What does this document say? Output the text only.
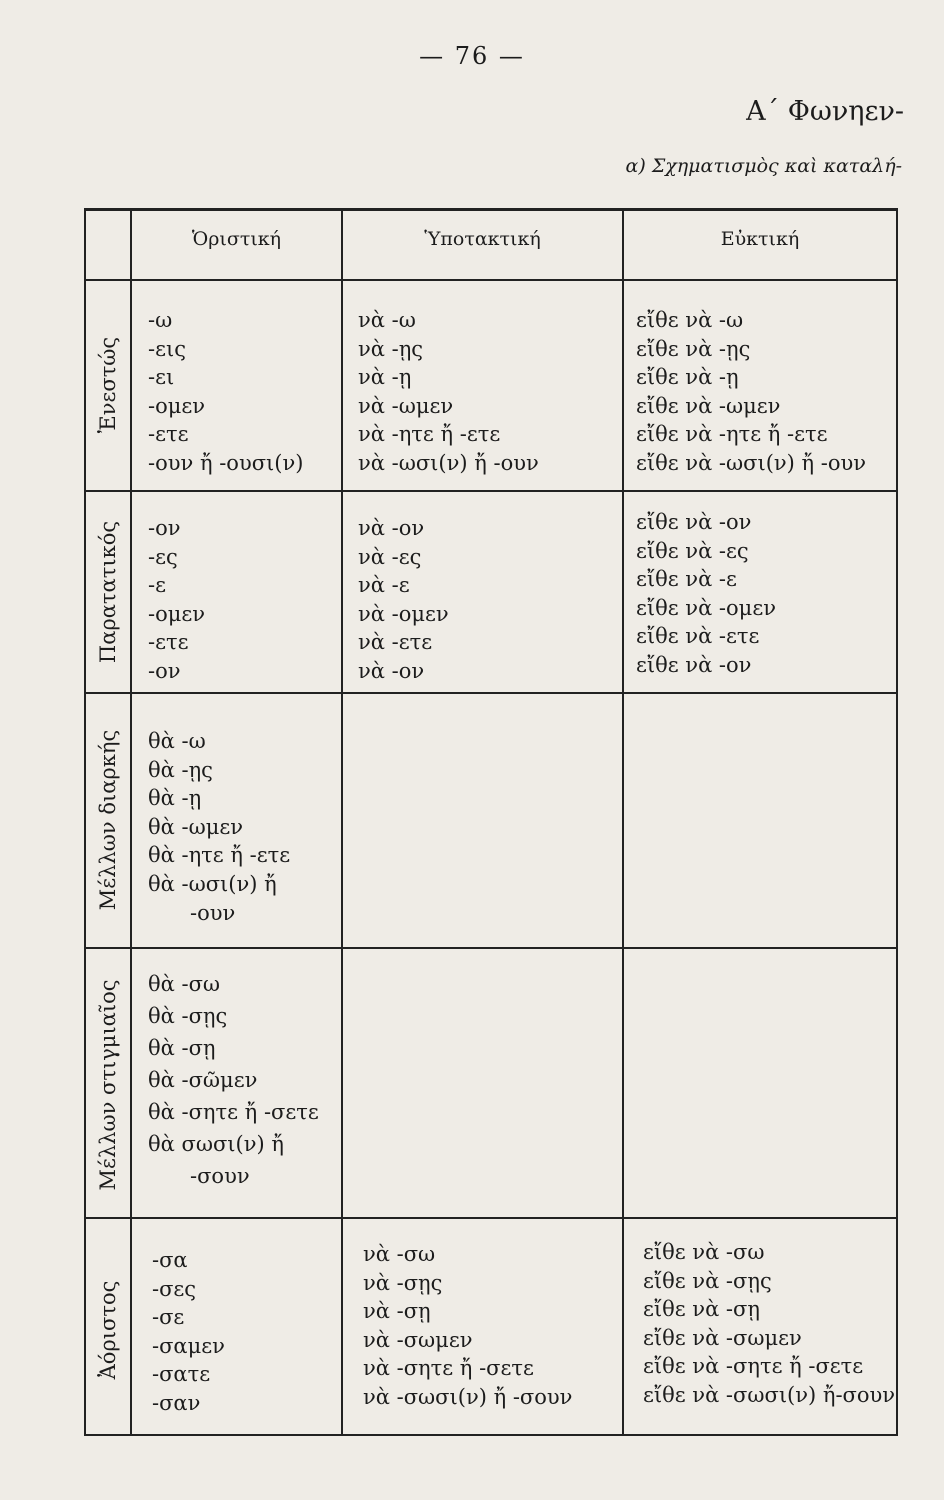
— 76 —
Α΄ Φωνηεν-
α) Σχηματισμὸς καὶ καταλή-
Ὁριστική	Ὑποτακτική	Εὐκτική
Ἐνεστώς
Παρατατικός
Μέλλων διαρκής
Μέλλων στιγμιαῖος
Ἀόριστος
-ω
-εις
-ει
-ομεν
-ετε
-ουν ἤ -ουσι(ν)
νὰ -ω
νὰ -ῃς
νὰ -ῃ
νὰ -ωμεν
νὰ -ητε ἤ -ετε
νὰ -ωσι(ν) ἤ -ουν
εἴθε νὰ -ω
εἴθε νὰ -ῃς
εἴθε νὰ -ῃ
εἴθε νὰ -ωμεν
εἴθε νὰ -ητε ἤ -ετε
εἴθε νὰ -ωσι(ν) ἤ -ουν
-ον
-ες
-ε
-ομεν
-ετε
-ον
νὰ -ον
νὰ -ες
νὰ -ε
νὰ -ομεν
νὰ -ετε
νὰ -ον
εἴθε νὰ -ον
εἴθε νὰ -ες
εἴθε νὰ -ε
εἴθε νὰ -ομεν
εἴθε νὰ -ετε
εἴθε νὰ -ον
θὰ -ω
θὰ -ῃς
θὰ -ῃ
θὰ -ωμεν
θὰ -ητε ἤ -ετε
θὰ -ωσι(ν) ἤ
-ουν
θὰ -σω
θὰ -σῃς
θὰ -σῃ
θὰ -σῶμεν
θὰ -σητε ἤ -σετε
θὰ σωσι(ν) ἤ
-σουν
-σα
-σες
-σε
-σαμεν
-σατε
-σαν
νὰ -σω
νὰ -σῃς
νὰ -σῃ
νὰ -σωμεν
νὰ -σητε ἤ -σετε
νὰ -σωσι(ν) ἤ -σουν
εἴθε νὰ -σω
εἴθε νὰ -σῃς
εἴθε νὰ -σῃ
εἴθε νὰ -σωμεν
εἴθε νὰ -σητε ἤ -σετε
εἴθε νὰ -σωσι(ν) ἤ-σουν
